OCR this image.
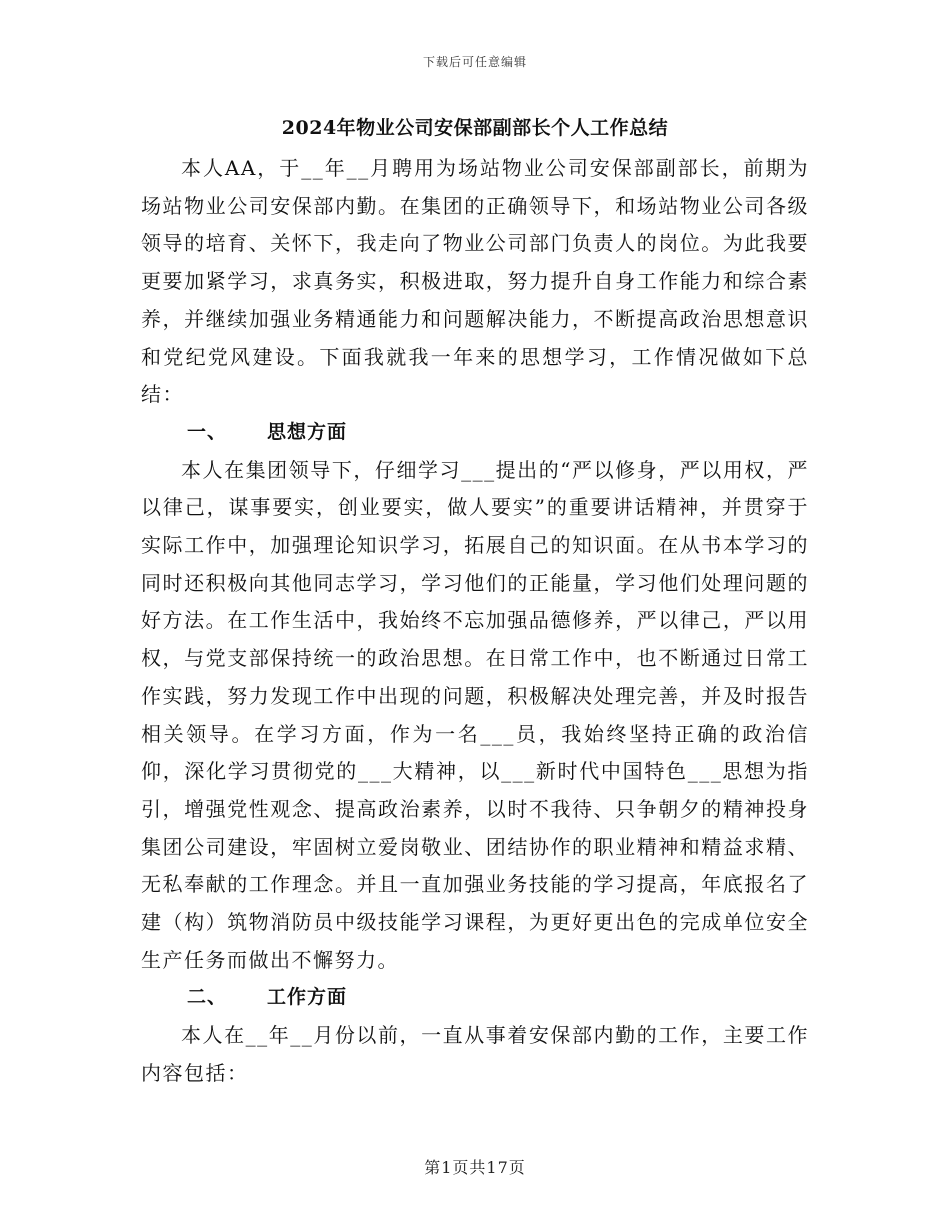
下载后可任意编辑
2024年物业公司安保部副部长个人工作总结

本人AA，于__年__月聘用为场站物业公司安保部副部长，前期为场站物业公司安保部内勤。在集团的正确领导下，和场站物业公司各级领导的培育、关怀下，我走向了物业公司部门负责人的岗位。为此我要更要加紧学习，求真务实，积极进取，努力提升自身工作能力和综合素养，并继续加强业务精通能力和问题解决能力，不断提高政治思想意识和党纪党风建设。下面我就我一年来的思想学习，工作情况做如下总结：

一、 思想方面

本人在集团领导下，仔细学习___提出的“严以修身，严以用权，严以律己，谋事要实，创业要实，做人要实”的重要讲话精神，并贯穿于实际工作中，加强理论知识学习，拓展自己的知识面。在从书本学习的同时还积极向其他同志学习，学习他们的正能量，学习他们处理问题的好方法。在工作生活中，我始终不忘加强品德修养，严以律己，严以用权，与党支部保持统一的政治思想。在日常工作中，也不断通过日常工作实践，努力发现工作中出现的问题，积极解决处理完善，并及时报告相关领导。在学习方面，作为一名___员，我始终坚持正确的政治信仰，深化学习贯彻党的___大精神，以___新时代中国特色___思想为指引，增强党性观念、提高政治素养，以时不我待、只争朝夕的精神投身集团公司建设，牢固树立爱岗敬业、团结协作的职业精神和精益求精、无私奉献的工作理念。并且一直加强业务技能的学习提高，年底报名了建（构）筑物消防员中级技能学习课程，为更好更出色的完成单位安全生产任务而做出不懈努力。

二、 工作方面

本人在__年__月份以前，一直从事着安保部内勤的工作，主要工作内容包括：

第1页共17页
